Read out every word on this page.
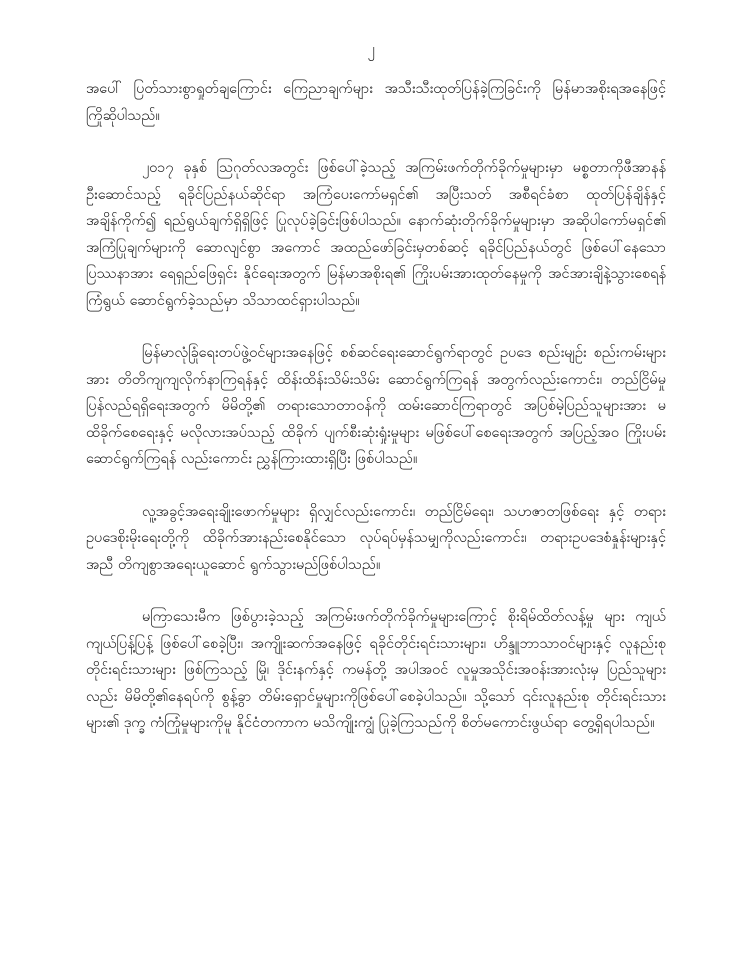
၂

အပေါ် ပြတ်သားစွာရှုတ်ချကြောင်း ကြေညာချက်များ အသီးသီးထုတ်ပြန်ခဲ့ကြခြင်းကို မြန်မာအစိုးရအနေဖြင့် ကြိုဆိုပါသည်။

၂၀၁၇ ခုနှစ် သြဂုတ်လအတွင်း ဖြစ်ပေါ်ခဲ့သည့် အကြမ်းဖက်တိုက်ခိုက်မှုများမှာ မစ္စတာကိုဖီအာနန်ဦးဆောင်သည့် ရခိုင်ပြည်နယ်ဆိုင်ရာ အကြံပေးကော်မရှင်၏ အပြီးသတ် အစီရင်ခံစာ ထုတ်ပြန်ချိန်နှင့် အချိန်ကိုက်၍ ရည်ရွယ်ချက်ရှိရှိဖြင့် ပြုလုပ်ခဲ့ခြင်းဖြစ်ပါသည်။ နောက်ဆုံးတိုက်ခိုက်မှုများမှာ အဆိုပါကော်မရှင်၏ အကြံပြုချက်များကို ဆောလျင်စွာ အကောင် အထည်ဖော်ခြင်းမှတစ်ဆင့် ရခိုင်ပြည်နယ်တွင် ဖြစ်ပေါ်နေသော ပြဿနာအား ရေရှည်ဖြေရှင်း နိုင်ရေးအတွက် မြန်မာအစိုးရ၏ ကြိုးပမ်းအားထုတ်နေမှုကို အင်အားချိနဲ့သွားစေရန် ကြံရွယ် ဆောင်ရွက်ခဲ့သည်မှာ သိသာထင်ရှားပါသည်။

မြန်မာလုံခြုံရေးတပ်ဖွဲ့ဝင်များအနေဖြင့် စစ်ဆင်ရေးဆောင်ရွက်ရာတွင် ဥပဒေ စည်းမျဉ်း စည်းကမ်းများအား တိတိကျကျလိုက်နာကြရန်နှင့် ထိန်းထိန်းသိမ်းသိမ်း ဆောင်ရွက်ကြရန် အတွက်လည်းကောင်း၊ တည်ငြိမ်မှု ပြန်လည်ရရှိရေးအတွက် မိမိတို့၏ တရားသောတာဝန်ကို ထမ်းဆောင်ကြရာတွင် အပြစ်မဲ့ပြည်သူများအား မထိခိုက်စေရေးနှင့် မလိုလားအပ်သည့် ထိခိုက် ပျက်စီးဆုံးရှုံးမှုများ မဖြစ်ပေါ်စေရေးအတွက် အပြည့်အဝ ကြိုးပမ်းဆောင်ရွက်ကြရန် လည်းကောင်း ညွှန်ကြားထားရှိပြီး ဖြစ်ပါသည်။

လူ့အခွင့်အရေးချိုးဖောက်မှုများ ရှိလျှင်လည်းကောင်း၊ တည်ငြိမ်ရေး၊ သဟဇာတဖြစ်ရေး နှင့် တရားဥပဒေစိုးမိုးရေးတို့ကို ထိခိုက်အားနည်းစေနိုင်သော လုပ်ရပ်မှန်သမျှကိုလည်းကောင်း၊ တရားဥပဒေစံနှုန်းများနှင့်အညီ တိကျစွာအရေးယူဆောင် ရွက်သွားမည်ဖြစ်ပါသည်။

မကြာသေးမီက ဖြစ်ပွားခဲ့သည့် အကြမ်းဖက်တိုက်ခိုက်မှုများကြောင့် စိုးရိမ်ထိတ်လန့်မှု များ ကျယ်ကျယ်ပြန့်ပြန့် ဖြစ်ပေါ်စေခဲ့ပြီး၊ အကျိုးဆက်အနေဖြင့် ရခိုင်တိုင်းရင်းသားများ၊ ဟိန္ဒူဘာသာဝင်များနှင့် လူနည်းစုတိုင်းရင်းသားများ ဖြစ်ကြသည့် မြို၊ ဒိုင်းနက်နှင့် ကမန်တို့ အပါအဝင် လူမှုအသိုင်းအဝန်းအားလုံးမှ ပြည်သူများလည်း မိမိတို့၏နေရပ်ကို စွန့်ခွာ တိမ်းရှောင်မှုများကိုဖြစ်ပေါ်စေခဲ့ပါသည်။ သို့သော် ၎င်းလူနည်းစု တိုင်းရင်းသားများ၏ ဒုက္ခ ကံကြုံမှုများကိုမူ နိုင်ငံတကာက မသိကျိုးကျွံ ပြုခဲ့ကြသည်ကို စိတ်မကောင်းဖွယ်ရာ တွေ့ရှိရပါသည်။
